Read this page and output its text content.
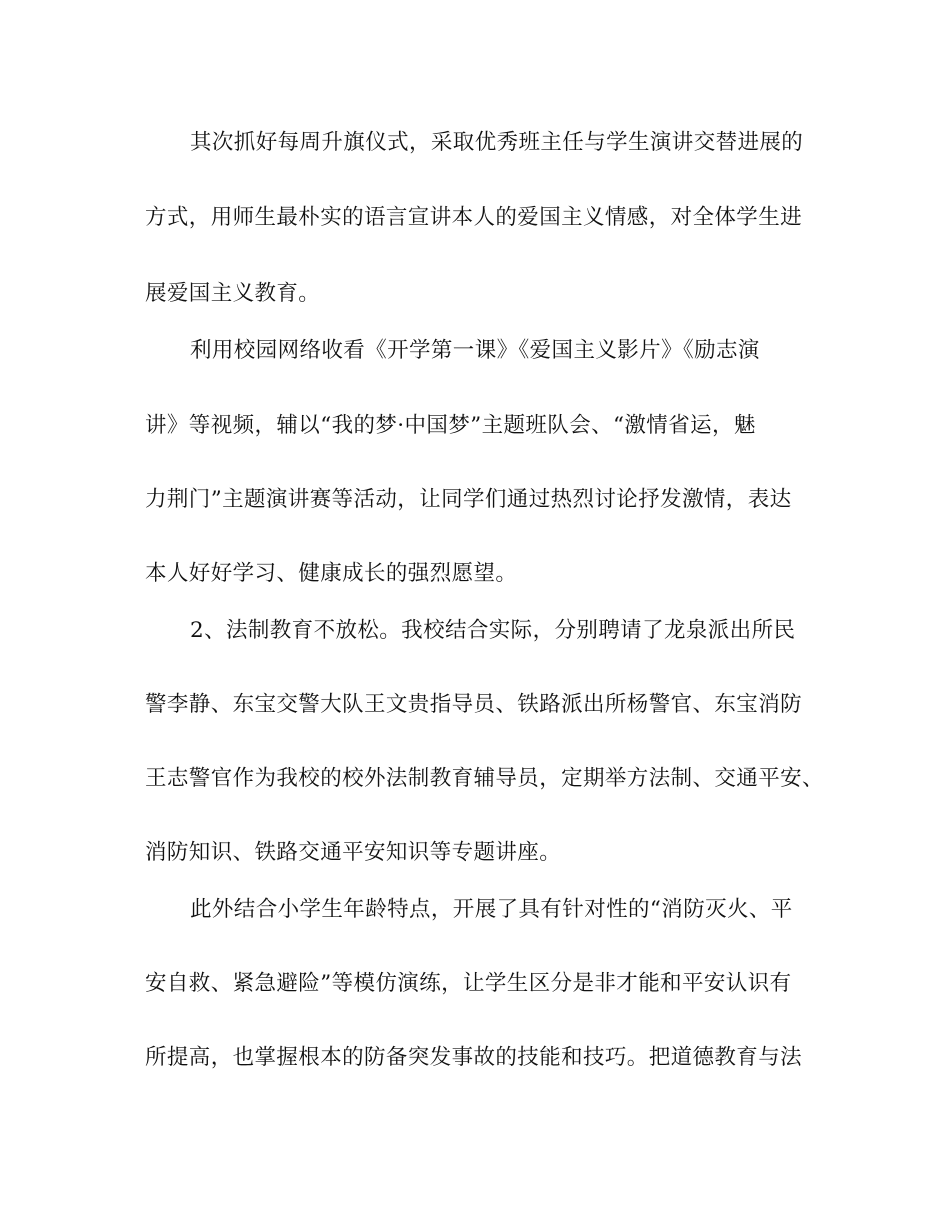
其次抓好每周升旗仪式，采取优秀班主任与学生演讲交替进展的
方式，用师生最朴实的语言宣讲本人的爱国主义情感，对全体学生进
展爱国主义教育。
利用校园网络收看《开学第一课》《爱国主义影片》《励志演
讲》等视频，辅以“我的梦·中国梦”主题班队会、“激情省运，魅
力荆门”主题演讲赛等活动，让同学们通过热烈讨论抒发激情，表达
本人好好学习、健康成长的强烈愿望。
2、法制教育不放松。我校结合实际，分别聘请了龙泉派出所民
警李静、东宝交警大队王文贵指导员、铁路派出所杨警官、东宝消防
王志警官作为我校的校外法制教育辅导员，定期举方法制、交通平安、
消防知识、铁路交通平安知识等专题讲座。
此外结合小学生年龄特点，开展了具有针对性的“消防灭火、平
安自救、紧急避险”等模仿演练，让学生区分是非才能和平安认识有
所提高，也掌握根本的防备突发事故的技能和技巧。把道德教育与法
